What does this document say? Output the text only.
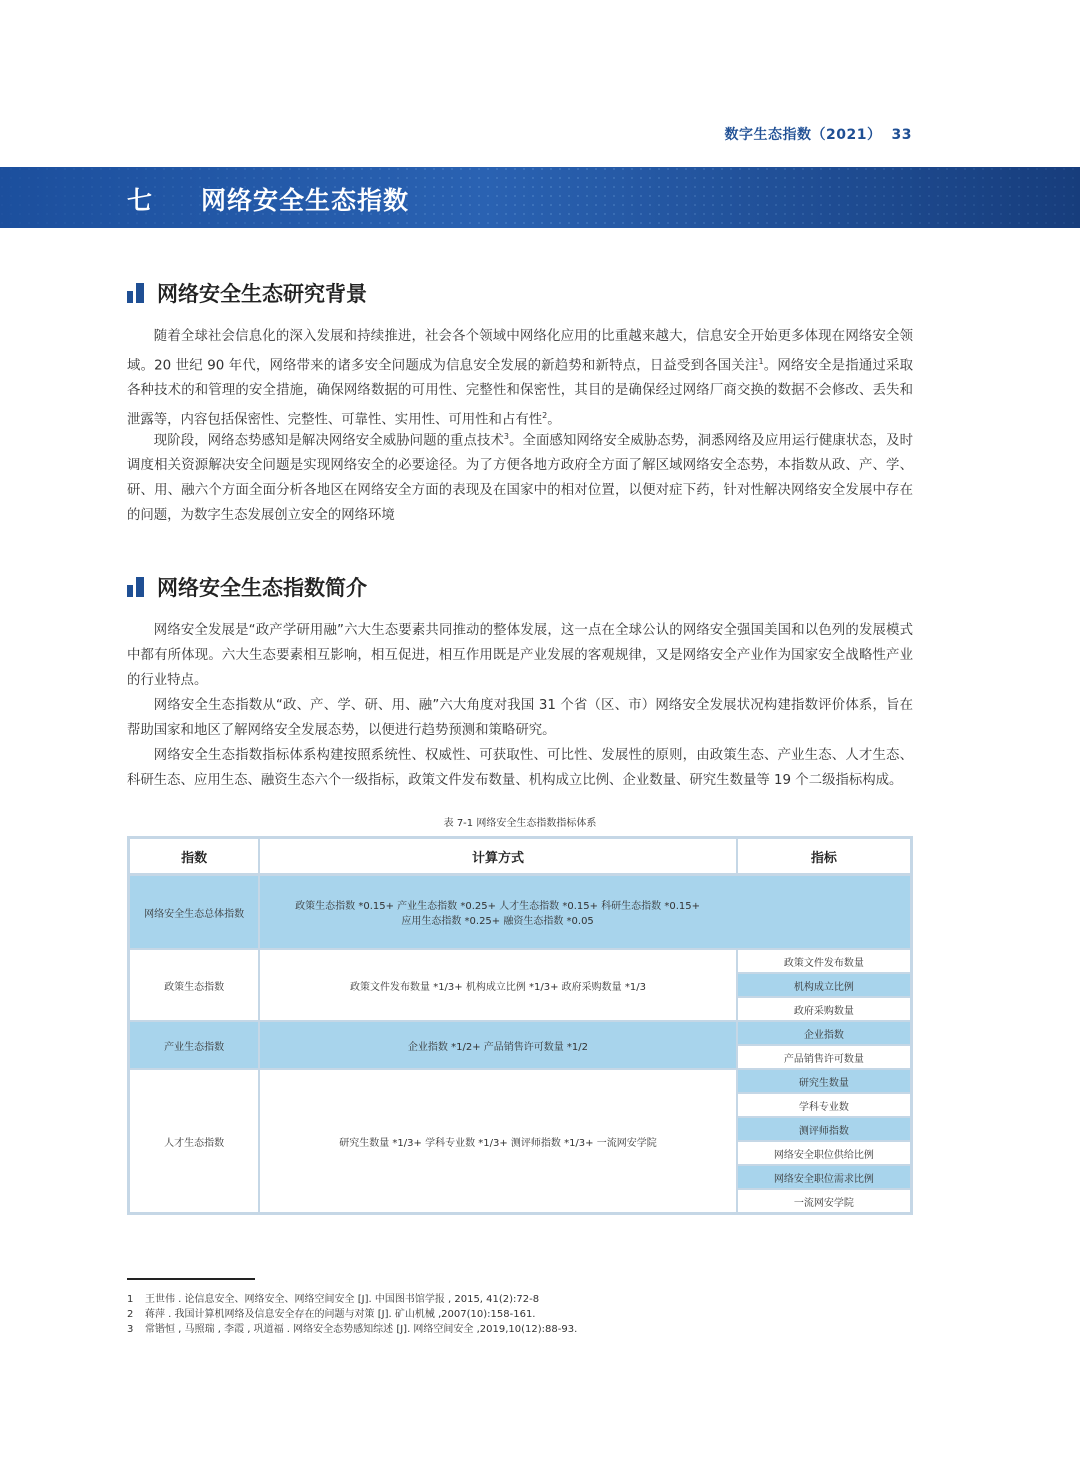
数字生态指数（2021） 33
七 网络安全生态指数
网络安全生态研究背景

随着全球社会信息化的深入发展和持续推进，社会各个领域中网络化应用的比重越来越大，信息安全开始更多体现在网络安全领域。20 世纪 90 年代，网络带来的诸多安全问题成为信息安全发展的新趋势和新特点，日益受到各国关注$^1$。网络安全是指通过采取各种技术的和管理的安全措施，确保网络数据的可用性、完整性和保密性，其目的是确保经过网络厂商交换的数据不会修改、丢失和泄露等，内容包括保密性、完整性、可靠性、实用性、可用性和占有性$^2$。

现阶段，网络态势感知是解决网络安全威胁问题的重点技术$^3$。全面感知网络安全威胁态势，洞悉网络及应用运行健康状态，及时调度相关资源解决安全问题是实现网络安全的必要途径。为了方便各地方政府全方面了解区域网络安全态势，本指数从政、产、学、研、用、融六个方面全面分析各地区在网络安全方面的表现及在国家中的相对位置，以便对症下药，针对性解决网络安全发展中存在的问题，为数字生态发展创立安全的网络环境

网络安全生态指数简介

网络安全发展是“政产学研用融”六大生态要素共同推动的整体发展，这一点在全球公认的网络安全强国美国和以色列的发展模式中都有所体现。六大生态要素相互影响，相互促进，相互作用既是产业发展的客观规律，又是网络安全产业作为国家安全战略性产业的行业特点。

网络安全生态指数从“政、产、学、研、用、融”六大角度对我国 31 个省（区、市）网络安全发展状况构建指数评价体系，旨在帮助国家和地区了解网络安全发展态势，以便进行趋势预测和策略研究。

网络安全生态指数指标体系构建按照系统性、权威性、可获取性、可比性、发展性的原则，由政策生态、产业生态、人才生态、科研生态、应用生态、融资生态六个一级指标，政策文件发布数量、机构成立比例、企业数量、研究生数量等 19 个二级指标构成。

表 7-1 网络安全生态指数指标体系
指数	计算方式	指标
网络安全生态总体指数	政策生态指数 *0.15+ 产业生态指数 *0.25+ 人才生态指数 *0.15+ 科研生态指数 *0.15+
应用生态指数 *0.25+ 融资生态指数 *0.05	

政策生态指数	政策文件发布数量 *1/3+ 机构成立比例 *1/3+ 政府采购数量 *1/3	政策文件发布数量
		机构成立比例
		政府采购数量
产业生态指数	企业指数 *1/2+ 产品销售许可数量 *1/2	企业指数
		产品销售许可数量
人才生态指数	研究生数量 *1/3+ 学科专业数 *1/3+ 测评师指数 *1/3+ 一流网安学院	研究生数量
		学科专业数
		测评师指数
		网络安全职位供给比例
		网络安全职位需求比例
		一流网安学院
1 王世伟 . 论信息安全、网络安全、网络空间安全 [J]. 中国图书馆学报 , 2015, 41(2):72-8
2 蒋萍 . 我国计算机网络及信息安全存在的问题与对策 [J]. 矿山机械 ,2007(10):158-161.
3 常锴恒 , 马照瑞 , 李霞 , 巩道福 . 网络安全态势感知综述 [J]. 网络空间安全 ,2019,10(12):88-93.
